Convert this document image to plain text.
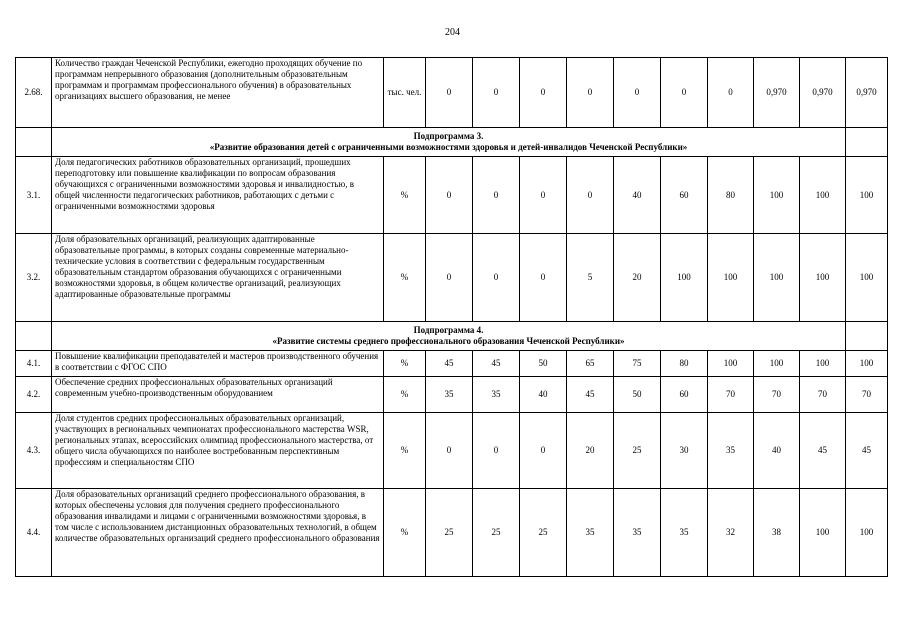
204
2.68.	Количество граждан Чеченской Республики, ежегодно проходящих обучение по программам непрерывного образования (дополнительным образовательным программам и программам профессионального обучения) в образовательных организациях высшего образования, не менее	тыс. чел.	0	0	0	0	0	0	0	0,970	0,970	0,970

	Подпрограмма 3.
«Развитие образования детей с ограниченными возможностями здоровья и детей-инвалидов Чеченской Республики»											

3.1.	Доля педагогических работников образовательных организаций, прошедших переподготовку или повышение квалификации по вопросам образования обучающихся с ограниченными возможностями здоровья и инвалидностью, в общей численности педагогических работников, работающих с детьми с ограниченными возможностями здоровья	%	0	0	0	0	40	60	80	100	100	100
3.2.	Доля образовательных организаций, реализующих адаптированные образовательные программы, в которых созданы современные материально-технические условия в соответствии с федеральным государственным образовательным стандартом образования обучающихся с ограниченными возможностями здоровья, в общем количестве организаций, реализующих адаптированные образовательные программы	%	0	0	0	5	20	100	100	100	100	100

	Подпрограмма 4.
«Развитие системы среднего профессионального образования Чеченской Республики»											

4.1.	Повышение квалификации преподавателей и мастеров производственного обучения в соответствии с ФГОС СПО	%	45	45	50	65	75	80	100	100	100	100
4.2.	Обеспечение средних профессиональных образовательных организаций современным учебно-производственным оборудованием	%	35	35	40	45	50	60	70	70	70	70
4.3.	Доля студентов средних профессиональных образовательных организаций, участвующих в региональных чемпионатах профессионального мастерства WSR, региональных этапах, всероссийских олимпиад профессионального мастерства, от общего числа обучающихся по наиболее востребованным перспективным профессиям и специальностям СПО	%	0	0	0	20	25	30	35	40	45	45
4.4.	Доля образовательных организаций среднего профессионального образования, в которых обеспечены условия для получения среднего профессионального образования инвалидами и лицами с ограниченными возможностями здоровья, в том числе с использованием дистанционных образовательных технологий, в общем количестве образовательных организаций среднего профессионального образования	%	25	25	25	35	35	35	32	38	100	100
